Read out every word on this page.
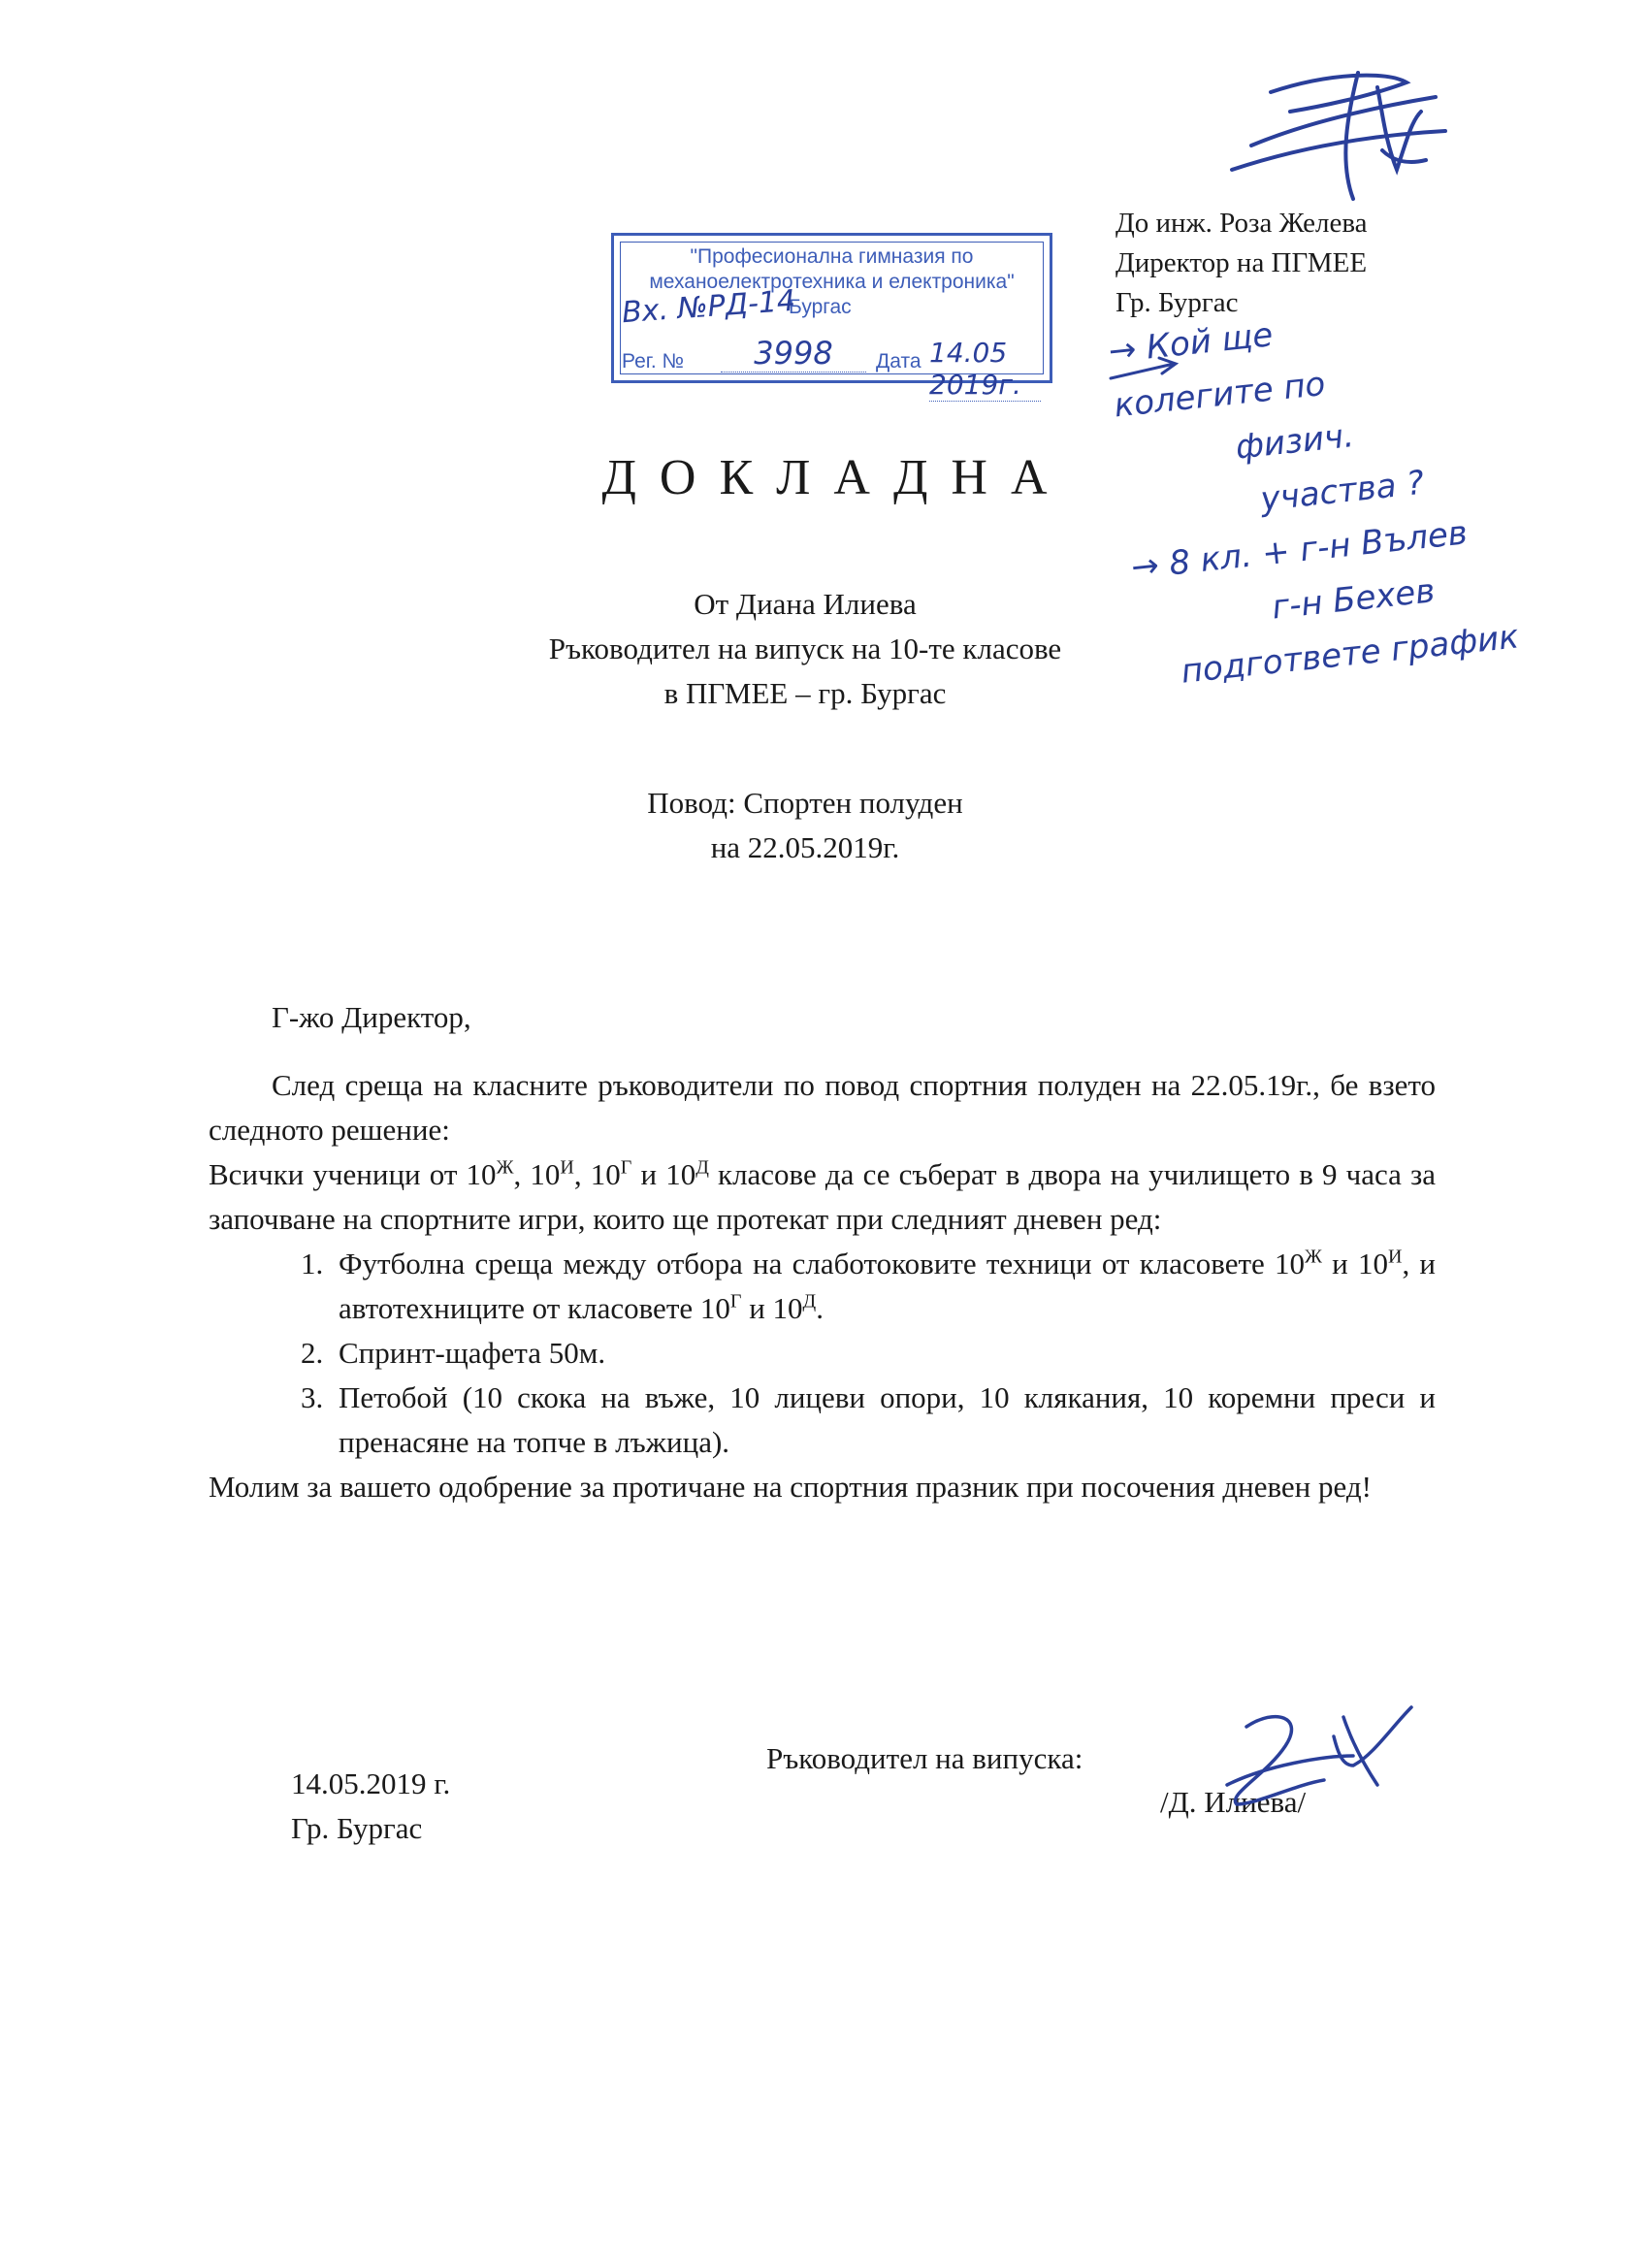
До инж. Роза Желева
Директор на ПГМЕЕ
Гр. Бургас
"Професионална гимназия по
механоелектротехника и електроника"
Бургас
Вх. №РД-14
Рег. №	3998	Дата 14.05 2019г.
→ Кой ще
колегите по
физич.
участва ?
→ 8 кл. + г-н Вълев
г-н Бехев
подгответе график
ДОКЛАДНА
От Диана Илиева
Ръководител на випуск на 10-те класове
в ПГМЕЕ – гр. Бургас
Повод: Спортен полуден
на 22.05.2019г.

Г-жо Директор,

След среща на класните ръководители по повод спортния полуден на 22.05.19г., бе взето следното решение:

Всички ученици от $10^Ж$, $10^И$, $10^Г$ и $10^Д$ класове да се съберат в двора на училището в 9 часа за започване на спортните игри, които ще протекат при следният дневен ред:

1. Футболна среща между отбора на слаботоковите техници от класовете $10^Ж$ и $10^И$, и автотехниците от класовете $10^Г$ и $10^Д$.
2. Спринт-щафета 50м.
3. Петобой (10 скока на въже, 10 лицеви опори, 10 клякания, 10 коремни преси и пренасяне на топче в лъжица).

Молим за вашето одобрение за протичане на спортния празник при посочения дневен ред!

14.05.2019 г.
Гр. Бургас
Ръководител на випуска:
/Д. Илиева/
